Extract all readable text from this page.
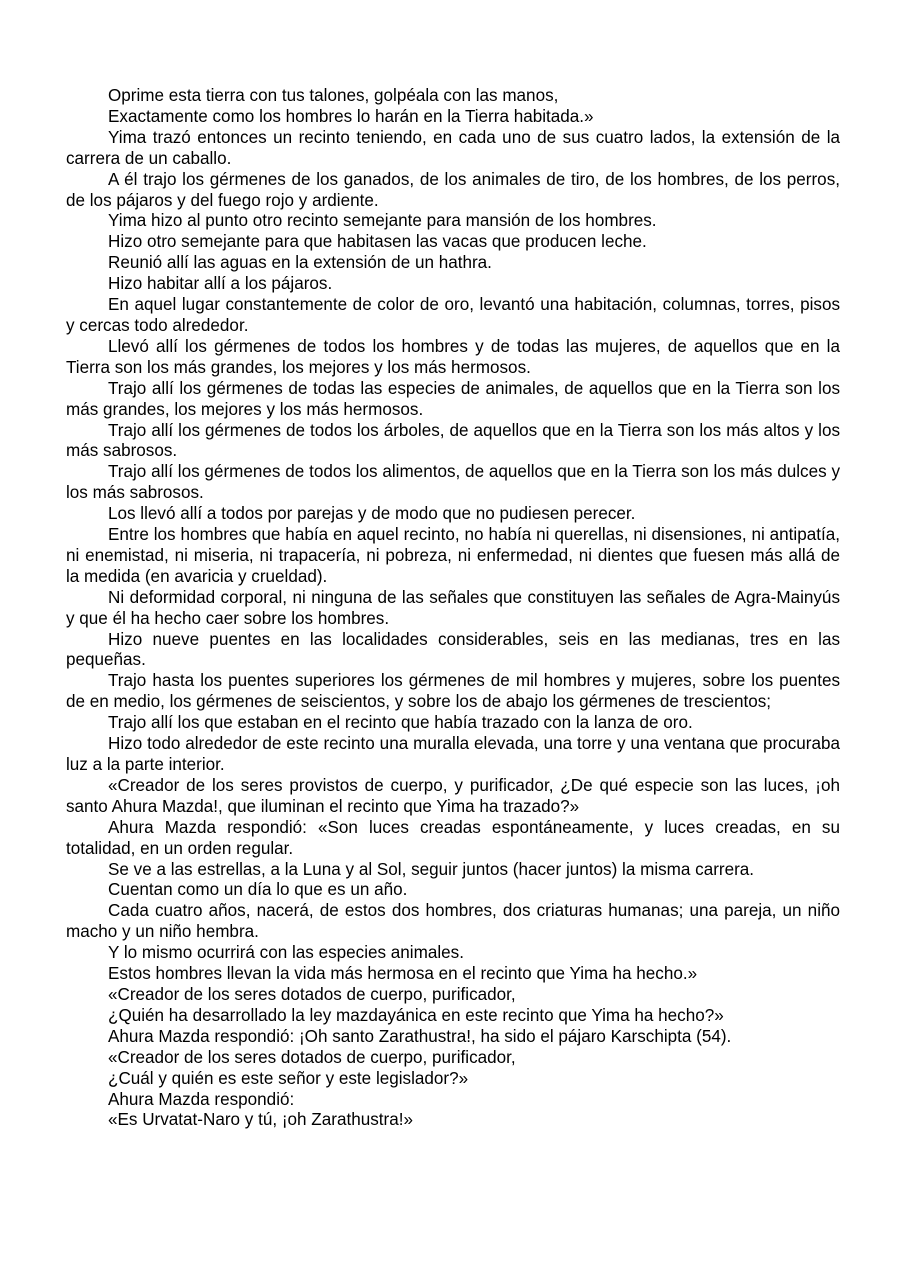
Oprime esta tierra con tus talones, golpéala con las manos,

Exactamente como los hombres lo harán en la Tierra habitada.»

Yima trazó entonces un recinto teniendo, en cada uno de sus cuatro lados, la extensión de la carrera de un caballo.

A él trajo los gérmenes de los ganados, de los animales de tiro, de los hombres, de los perros, de los pájaros y del fuego rojo y ardiente.

Yima hizo al punto otro recinto semejante para mansión de los hombres.

Hizo otro semejante para que habitasen las vacas que producen leche.

Reunió allí las aguas en la extensión de un hathra.

Hizo habitar allí a los pájaros.

En aquel lugar constantemente de color de oro, levantó una habitación, columnas, torres, pisos y cercas todo alrededor.

Llevó allí los gérmenes de todos los hombres y de todas las mujeres, de aquellos que en la Tierra son los más grandes, los mejores y los más hermosos.

Trajo allí los gérmenes de todas las especies de animales, de aquellos que en la Tierra son los más grandes, los mejores y los más hermosos.

Trajo allí los gérmenes de todos los árboles, de aquellos que en la Tierra son los más altos y los más sabrosos.

Trajo allí los gérmenes de todos los alimentos, de aquellos que en la Tierra son los más dulces y los más sabrosos.

Los llevó allí a todos por parejas y de modo que no pudiesen perecer.

Entre los hombres que había en aquel recinto, no había ni querellas, ni disensiones, ni antipatía, ni enemistad, ni miseria, ni trapacería, ni pobreza, ni enfermedad, ni dientes que fuesen más allá de la medida (en avaricia y crueldad).

Ni deformidad corporal, ni ninguna de las señales que constituyen las señales de Agra-Mainyús y que él ha hecho caer sobre los hombres.

Hizo nueve puentes en las localidades considerables, seis en las medianas, tres en las pequeñas.

Trajo hasta los puentes superiores los gérmenes de mil hombres y mujeres, sobre los puentes de en medio, los gérmenes de seiscientos, y sobre los de abajo los gérmenes de trescientos;

Trajo allí los que estaban en el recinto que había trazado con la lanza de oro.

Hizo todo alrededor de este recinto una muralla elevada, una torre y una ventana que procuraba luz a la parte interior.

«Creador de los seres provistos de cuerpo, y purificador, ¿De qué especie son las luces, ¡oh santo Ahura Mazda!, que iluminan el recinto que Yima ha trazado?»

Ahura Mazda respondió: «Son luces creadas espontáneamente, y luces creadas, en su totalidad, en un orden regular.

Se ve a las estrellas, a la Luna y al Sol, seguir juntos (hacer juntos) la misma carrera.

Cuentan como un día lo que es un año.

Cada cuatro años, nacerá, de estos dos hombres, dos criaturas humanas; una pareja, un niño macho y un niño hembra.

Y lo mismo ocurrirá con las especies animales.

Estos hombres llevan la vida más hermosa en el recinto que Yima ha hecho.»

«Creador de los seres dotados de cuerpo, purificador,

¿Quién ha desarrollado la ley mazdayánica en este recinto que Yima ha hecho?»

Ahura Mazda respondió: ¡Oh santo Zarathustra!, ha sido el pájaro Karschipta (54).

«Creador de los seres dotados de cuerpo, purificador,

¿Cuál y quién es este señor y este legislador?»

Ahura Mazda respondió:

«Es Urvatat-Naro y tú, ¡oh Zarathustra!»
